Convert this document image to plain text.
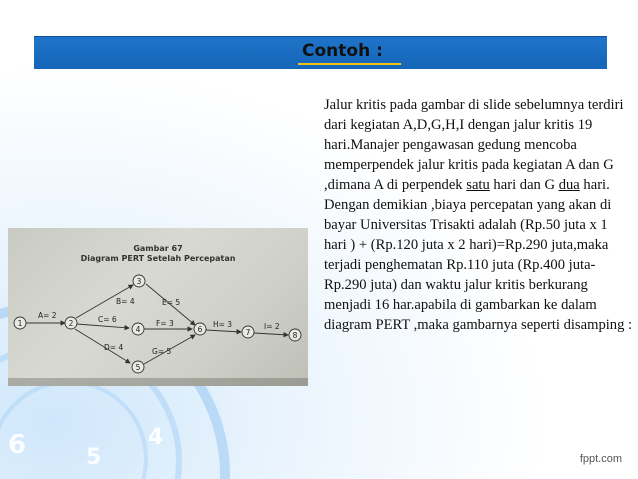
6	5
4
Contoh :

Jalur kritis pada gambar di slide sebelumnya terdiri dari kegiatan A,D,G,H,I dengan jalur kritis 19 hari.Manajer pengawasan gedung mencoba memperpendek jalur kritis pada kegiatan A dan G ,dimana A di perpendek satu hari dan G dua hari.

Dengan demikian ,biaya percepatan yang akan di bayar Universitas Trisakti adalah (Rp.50 juta x 1 hari ) + (Rp.120 juta x 2 hari)=Rp.290 juta,maka terjadi penghematan Rp.110 juta (Rp.400 juta-Rp.290 juta) dan waktu jalur kritis berkurang menjadi 16 har.apabila di gambarkan ke dalam diagram PERT ,maka gambarnya seperti disamping :

Gambar 67
Diagram PERT Setelah Percepatan
1	2
3
4
5
6	7	8
A= 2
B= 4
C= 6
D= 4
E= 5
F= 3
G= 5
H= 3	I= 2
fppt.com
